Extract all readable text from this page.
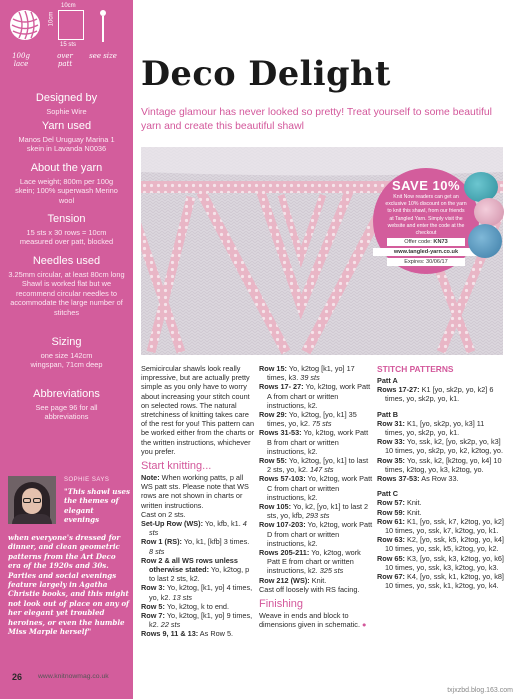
10cm
10cm
15 sts
100g lace
over patt
see size
Designed by
Sophie Wire
Yarn used
Manos Del Uruguay Marina 1 skein in Lavanda N0036
About the yarn
Lace weight; 800m per 100g skein; 100% superwash Merino wool
Tension
15 sts x 30 rows = 10cm measured over patt, blocked
Needles used
3.25mm circular, at least 80cm long Shawl is worked flat but we recommend circular needles to accommodate the large number of stitches
Sizing
one size 142cm wingspan, 71cm deep
Abbreviations
See page 96 for all abbreviations
SOPHIE SAYS
"This shawl uses the themes of elegant evenings
when everyone's dressed for dinner, and clean geometric patterns from the Art Deco era of the 1920s and 30s. Parties and social evenings feature largely in Agatha Christie books, and this might not look out of place on any of her elegant yet troubled heroines, or even the humble Miss Marple herself"
26 www.knitnowmag.co.uk
txjxzbd.blog.163.com
Deco Delight

Vintage glamour has never looked so pretty! Treat yourself to some beautiful yarn and create this beautiful shawl

SAVE 10%
Knit Now readers can get an exclusive 10% discount on the yarn to knit this shawl, from our friends at Tangled Yarn. Simply visit the website and enter the code at the checkout
Offer code: KN73
www.tangled-yarn.co.uk
Expires: 30/06/17

Semicircular shawls look really impressive, but are actually pretty simple as you only have to worry about increasing your stitch count on selected rows. The natural stretchiness of knitting takes care of the rest for you! This pattern can be worked either from the charts or the written instructions, whichever you prefer.

Start knitting...

Note: When working patts, p all WS patt sts. Please note that WS rows are not shown in charts or written instructions.

Cast on 2 sts.

Set-Up Row (WS): Yo, kfb, k1. 4 sts

Row 1 (RS): Yo, k1, [kfb] 3 times. 8 sts

Row 2 & all WS rows unless otherwise stated: Yo, k2tog, p to last 2 sts, k2.

Row 3: Yo, k2tog, [k1, yo] 4 times, yo, k2. 13 sts

Row 5: Yo, k2tog, k to end.

Row 7: Yo, k2tog, [k1, yo] 9 times, k2. 22 sts

Rows 9, 11 & 13: As Row 5.

Row 15: Yo, k2tog [k1, yo] 17 times, k3. 39 sts

Rows 17- 27: Yo, k2tog, work Patt A from chart or written instructions, k2.

Row 29: Yo, k2tog, [yo, k1] 35 times, yo, k2. 75 sts

Rows 31-53: Yo, k2tog, work Patt B from chart or written instructions, k2.

Row 55: Yo, k2tog, [yo, k1] to last 2 sts, yo, k2. 147 sts

Rows 57-103: Yo, k2tog, work Patt C from chart or written instructions, k2.

Row 105: Yo, k2, [yo, k1] to last 2 sts, yo, kfb, 293 sts

Row 107-203: Yo, k2tog, work Patt D from chart or written instructions, k2.

Rows 205-211: Yo, k2tog, work Patt E from chart or written instructions, k2. 325 sts

Row 212 (WS): Knit.

Cast off loosely with RS facing.

Finishing

Weave in ends and block to dimensions given in schematic. ●

STITCH PATTERNS
Patt A

Rows 17-27: K1 [yo, sk2p, yo, k2] 6 times, yo, sk2p, yo, k1.

Patt B

Row 31: K1, [yo, sk2p, yo, k3] 11 times, yo, sk2p, yo, k1.

Row 33: Yo, ssk, k2, [yo, sk2p, yo, k3] 10 times, yo, sk2p, yo, k2, k2tog, yo.

Row 35: Yo, ssk, k2, [k2tog, yo, k4] 10 times, k2tog, yo, k3, k2tog, yo.

Rows 37-53: As Row 33.

Patt C

Row 57: Knit.

Row 59: Knit.

Row 61: K1, [yo, ssk, k7, k2tog, yo, k2] 10 times, yo, ssk, k7, k2tog, yo, k1.

Row 63: K2, [yo, ssk, k5, k2tog, yo, k4] 10 times, yo, ssk, k5, k2tog, yo, k2.

Row 65: K3, [yo, ssk, k3, k2tog, yo, k6] 10 times, yo, ssk, k3, k2tog, yo, k3.

Row 67: K4, [yo, ssk, k1, k2tog, yo, k8] 10 times, yo, ssk, k1, k2tog, yo, k4.
